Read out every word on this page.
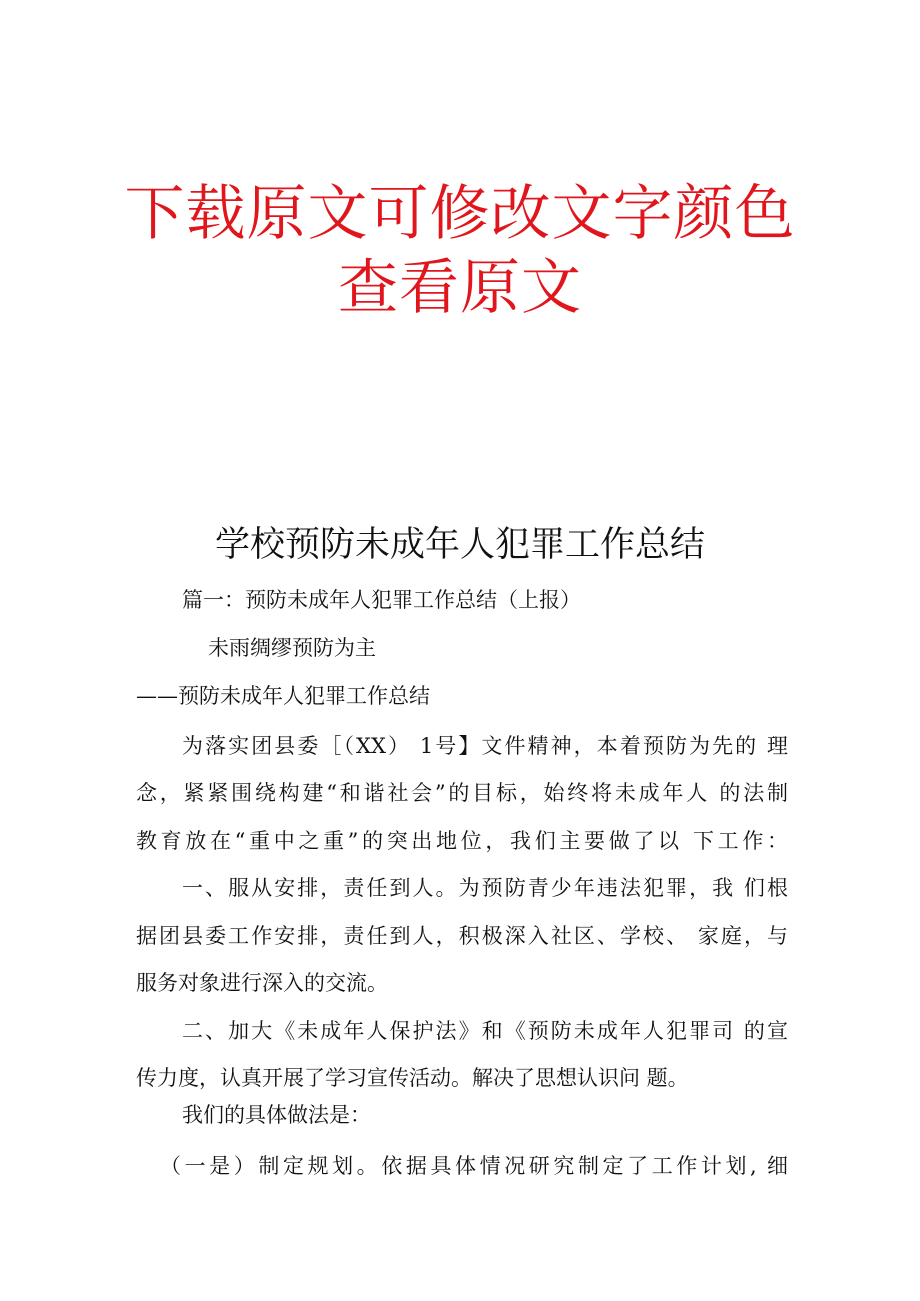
下载原文可修改文字颜色
查看原文
学校预防未成年人犯罪工作总结
篇一：预防未成年人犯罪工作总结（上报）
未雨绸缪预防为主
——预防未成年人犯罪工作总结
为落实团县委［（XX） 1号】文件精神，本着预防为先的 理
念，紧紧围绕构建“和谐社会”的目标，始终将未成年人 的法制
教育放在“重中之重”的突出地位，我们主要做了以 下工作：
一、服从安排，责任到人。为预防青少年违法犯罪，我 们根
据团县委工作安排，责任到人，积极深入社区、学校、 家庭，与
服务对象进行深入的交流。
二、加大《未成年人保护法》和《预防未成年人犯罪司 的宣
传力度，认真开展了学习宣传活动。解决了思想认识问 题。
我们的具体做法是：
（一是）制定规划。依据具体情况研究制定了工作计划, 细
